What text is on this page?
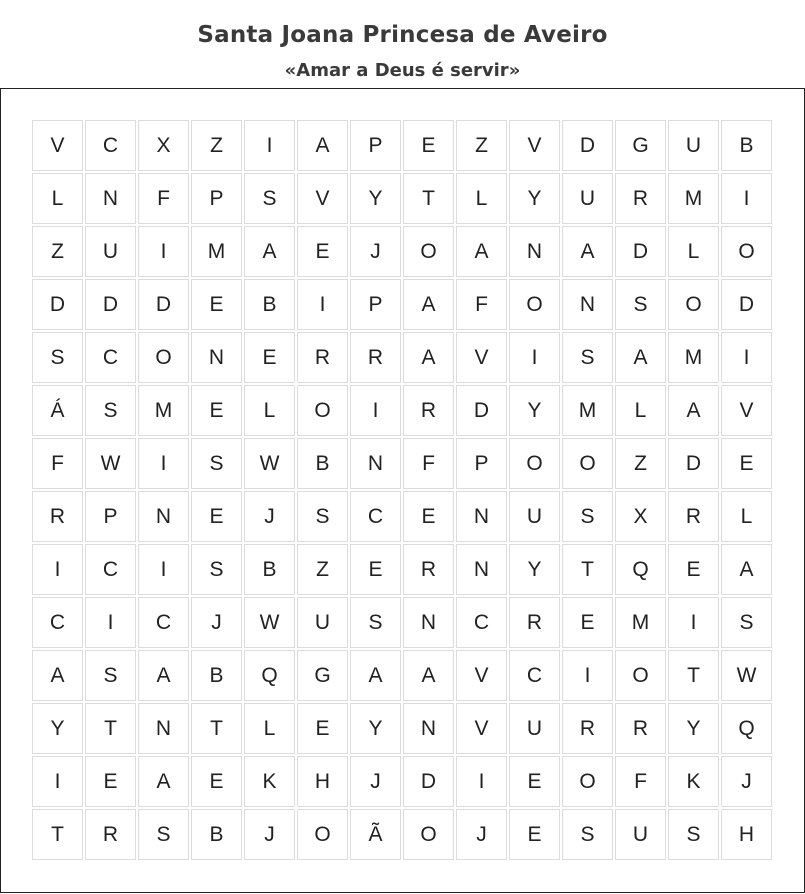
Santa Joana Princesa de Aveiro
«Amar a Deus é servir»
V	C	X	Z	I	A	P	E	Z	V	D	G	U	B
L	N	F	P	S	V	Y	T	L	Y	U	R	M	I
Z	U	I	M	A	E	J	O	A	N	A	D	L	O
D	D	D	E	B	I	P	A	F	O	N	S	O	D
S	C	O	N	E	R	R	A	V	I	S	A	M	I
Á	S	M	E	L	O	I	R	D	Y	M	L	A	V
F	W	I	S	W	B	N	F	P	O	O	Z	D	E
R	P	N	E	J	S	C	E	N	U	S	X	R	L
I	C	I	S	B	Z	E	R	N	Y	T	Q	E	A
C	I	C	J	W	U	S	N	C	R	E	M	I	S
A	S	A	B	Q	G	A	A	V	C	I	O	T	W
Y	T	N	T	L	E	Y	N	V	U	R	R	Y	Q
I	E	A	E	K	H	J	D	I	E	O	F	K	J
T	R	S	B	J	O	Ã	O	J	E	S	U	S	H
